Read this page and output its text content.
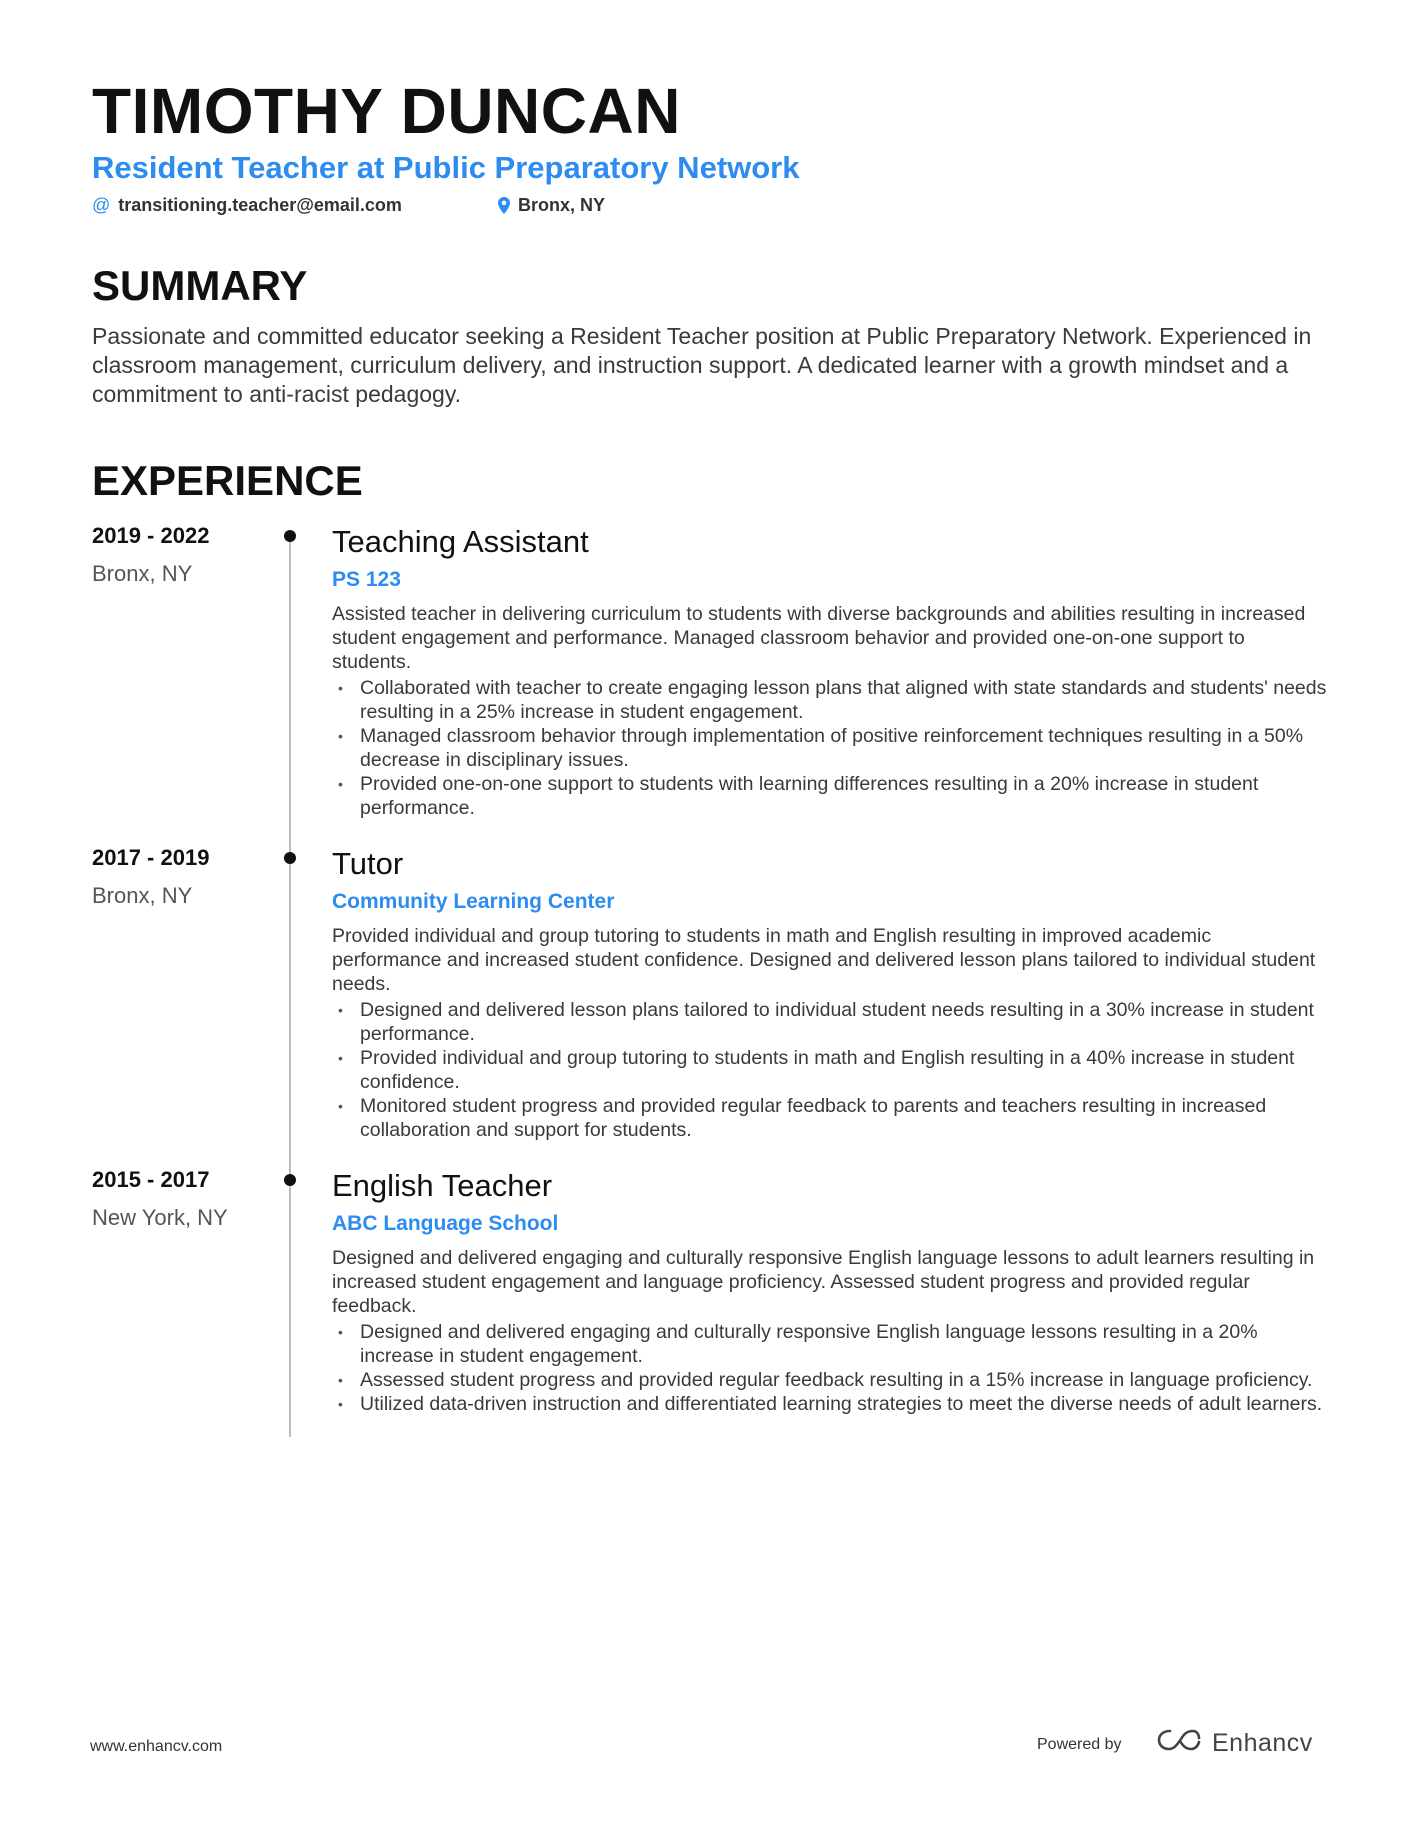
TIMOTHY DUNCAN
Resident Teacher at Public Preparatory Network
@ transitioning.teacher@email.com	Bronx, NY
SUMMARY
Passionate and committed educator seeking a Resident Teacher position at Public Preparatory Network. Experienced in classroom management, curriculum delivery, and instruction support. A dedicated learner with a growth mindset and a commitment to anti-racist pedagogy.
EXPERIENCE
2019 - 2022
Bronx, NY
Teaching Assistant
PS 123
Assisted teacher in delivering curriculum to students with diverse backgrounds and abilities resulting in increased student engagement and performance. Managed classroom behavior and provided one-on-one support to students.
• Collaborated with teacher to create engaging lesson plans that aligned with state standards and students' needs resulting in a 25% increase in student engagement.
• Managed classroom behavior through implementation of positive reinforcement techniques resulting in a 50% decrease in disciplinary issues.
• Provided one-on-one support to students with learning differences resulting in a 20% increase in student performance.
2017 - 2019
Bronx, NY
Tutor
Community Learning Center
Provided individual and group tutoring to students in math and English resulting in improved academic performance and increased student confidence. Designed and delivered lesson plans tailored to individual student needs.
• Designed and delivered lesson plans tailored to individual student needs resulting in a 30% increase in student performance.
• Provided individual and group tutoring to students in math and English resulting in a 40% increase in student confidence.
• Monitored student progress and provided regular feedback to parents and teachers resulting in increased collaboration and support for students.
2015 - 2017
New York, NY
English Teacher
ABC Language School
Designed and delivered engaging and culturally responsive English language lessons to adult learners resulting in increased student engagement and language proficiency. Assessed student progress and provided regular feedback.
• Designed and delivered engaging and culturally responsive English language lessons resulting in a 20% increase in student engagement.
• Assessed student progress and provided regular feedback resulting in a 15% increase in language proficiency.
• Utilized data-driven instruction and differentiated learning strategies to meet the diverse needs of adult learners.
www.enhancv.com	Powered by	Enhancv
